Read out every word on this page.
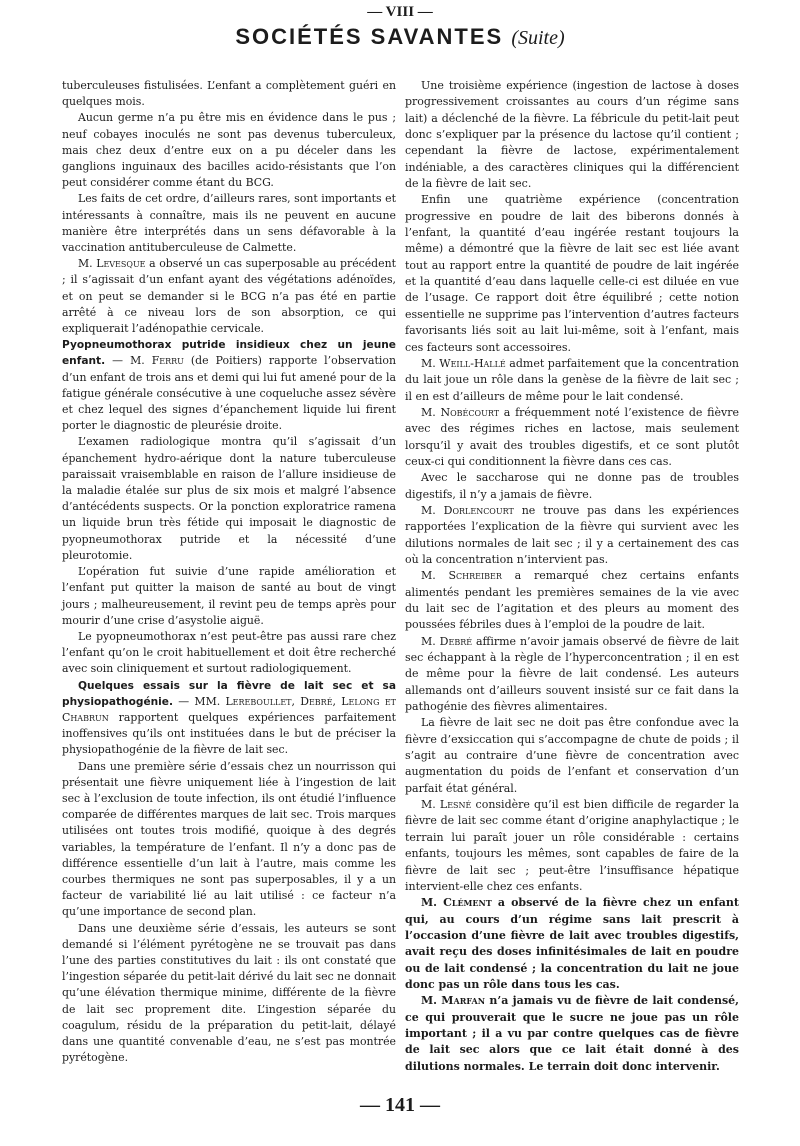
— VIII —
SOCIÉTÉS SAVANTES (Suite)

tuberculeuses fistulisées. L’enfant a complètement guéri en quelques mois.

Aucun germe n’a pu être mis en évidence dans le pus ; neuf cobayes inoculés ne sont pas devenus tuberculeux, mais chez deux d’entre eux on a pu déceler dans les ganglions inguinaux des bacilles acido-résistants que l’on peut considérer comme étant du BCG.

Les faits de cet ordre, d’ailleurs rares, sont importants et intéressants à connaître, mais ils ne peuvent en aucune manière être interprétés dans un sens défavorable à la vaccination antituberculeuse de Calmette.

M. Levesque a observé un cas superposable au précédent ; il s’agissait d’un enfant ayant des végétations adénoïdes, et on peut se demander si le BCG n’a pas été en partie arrêté à ce niveau lors de son absorption, ce qui expliquerait l’adénopathie cervicale.

Pyopneumothorax putride insidieux chez un jeune enfant. — M. Ferru (de Poitiers) rapporte l’observation d’un enfant de trois ans et demi qui lui fut amené pour de la fatigue générale consécutive à une coqueluche assez sévère et chez lequel des signes d’épanchement liquide lui firent porter le diagnostic de pleurésie droite.

L’examen radiologique montra qu’il s’agissait d’un épanchement hydro-aérique dont la nature tuberculeuse paraissait vraisemblable en raison de l’allure insidieuse de la maladie étalée sur plus de six mois et malgré l’absence d’antécédents suspects. Or la ponction exploratrice ramena un liquide brun très fétide qui imposait le diagnostic de pyopneumothorax putride et la nécessité d’une pleurotomie.

L’opération fut suivie d’une rapide amélioration et l’enfant put quitter la maison de santé au bout de vingt jours ; malheureusement, il revint peu de temps après pour mourir d’une crise d’asystolie aiguë.

Le pyopneumothorax n’est peut-être pas aussi rare chez l’enfant qu’on le croit habituellement et doit être recherché avec soin cliniquement et surtout radiologiquement.

Quelques essais sur la fièvre de lait sec et sa physiopathogénie. — MM. Lereboullet, Debré, Lelong et Chabrun rapportent quelques expériences parfaitement inoffensives qu’ils ont instituées dans le but de préciser la physiopathogénie de la fièvre de lait sec.

Dans une première série d’essais chez un nourrisson qui présentait une fièvre uniquement liée à l’ingestion de lait sec à l’exclusion de toute infection, ils ont étudié l’influence comparée de différentes marques de lait sec. Trois marques utilisées ont toutes trois modifié, quoique à des degrés variables, la température de l’enfant. Il n’y a donc pas de différence essentielle d’un lait à l’autre, mais comme les courbes thermiques ne sont pas superposables, il y a un facteur de variabilité lié au lait utilisé : ce facteur n’a qu’une importance de second plan.

Dans une deuxième série d’essais, les auteurs se sont demandé si l’élément pyrétogène ne se trouvait pas dans l’une des parties constitutives du lait : ils ont constaté que l’ingestion séparée du petit-lait dérivé du lait sec ne donnait qu’une élévation thermique minime, différente de la fièvre de lait sec proprement dite. L’ingestion séparée du coagulum, résidu de la préparation du petit-lait, délayé dans une quantité convenable d’eau, ne s’est pas montrée pyrétogène.

Une troisième expérience (ingestion de lactose à doses progressivement croissantes au cours d’un régime sans lait) a déclenché de la fièvre. La fébricule du petit-lait peut donc s’expliquer par la présence du lactose qu’il contient ; cependant la fièvre de lactose, expérimentalement indéniable, a des caractères cliniques qui la différencient de la fièvre de lait sec.

Enfin une quatrième expérience (concentration progressive en poudre de lait des biberons donnés à l’enfant, la quantité d’eau ingérée restant toujours la même) a démontré que la fièvre de lait sec est liée avant tout au rapport entre la quantité de poudre de lait ingérée et la quantité d’eau dans laquelle celle-ci est diluée en vue de l’usage. Ce rapport doit être équilibré ; cette notion essentielle ne supprime pas l’intervention d’autres facteurs favorisants liés soit au lait lui-même, soit à l’enfant, mais ces facteurs sont accessoires.

M. Weill-Hallé admet parfaitement que la concentration du lait joue un rôle dans la genèse de la fièvre de lait sec ; il en est d’ailleurs de même pour le lait condensé.

M. Nobécourt a fréquemment noté l’existence de fièvre avec des régimes riches en lactose, mais seulement lorsqu’il y avait des troubles digestifs, et ce sont plutôt ceux-ci qui conditionnent la fièvre dans ces cas.

Avec le saccharose qui ne donne pas de troubles digestifs, il n’y a jamais de fièvre.

M. Dorlencourt ne trouve pas dans les expériences rapportées l’explication de la fièvre qui survient avec les dilutions normales de lait sec ; il y a certainement des cas où la concentration n’intervient pas.

M. Schreiber a remarqué chez certains enfants alimentés pendant les premières semaines de la vie avec du lait sec de l’agitation et des pleurs au moment des poussées fébriles dues à l’emploi de la poudre de lait.

M. Debré affirme n’avoir jamais observé de fièvre de lait sec échappant à la règle de l’hyperconcentration ; il en est de même pour la fièvre de lait condensé. Les auteurs allemands ont d’ailleurs souvent insisté sur ce fait dans la pathogénie des fièvres alimentaires.

La fièvre de lait sec ne doit pas être confondue avec la fièvre d’exsiccation qui s’accompagne de chute de poids ; il s’agit au contraire d’une fièvre de concentration avec augmentation du poids de l’enfant et conservation d’un parfait état général.

M. Lesné considère qu’il est bien difficile de regarder la fièvre de lait sec comme étant d’origine anaphylactique ; le terrain lui paraît jouer un rôle considérable : certains enfants, toujours les mêmes, sont capables de faire de la fièvre de lait sec ; peut-être l’insuffisance hépatique intervient-elle chez ces enfants.

M. Clément a observé de la fièvre chez un enfant qui, au cours d’un régime sans lait prescrit à l’occasion d’une fièvre de lait avec troubles digestifs, avait reçu des doses infinitésimales de lait en poudre ou de lait condensé ; la concentration du lait ne joue donc pas un rôle dans tous les cas.

M. Marfan n’a jamais vu de fièvre de lait condensé, ce qui prouverait que le sucre ne joue pas un rôle important ; il a vu par contre quelques cas de fièvre de lait sec alors que ce lait était donné à des dilutions normales. Le terrain doit donc intervenir.

— 141 —
